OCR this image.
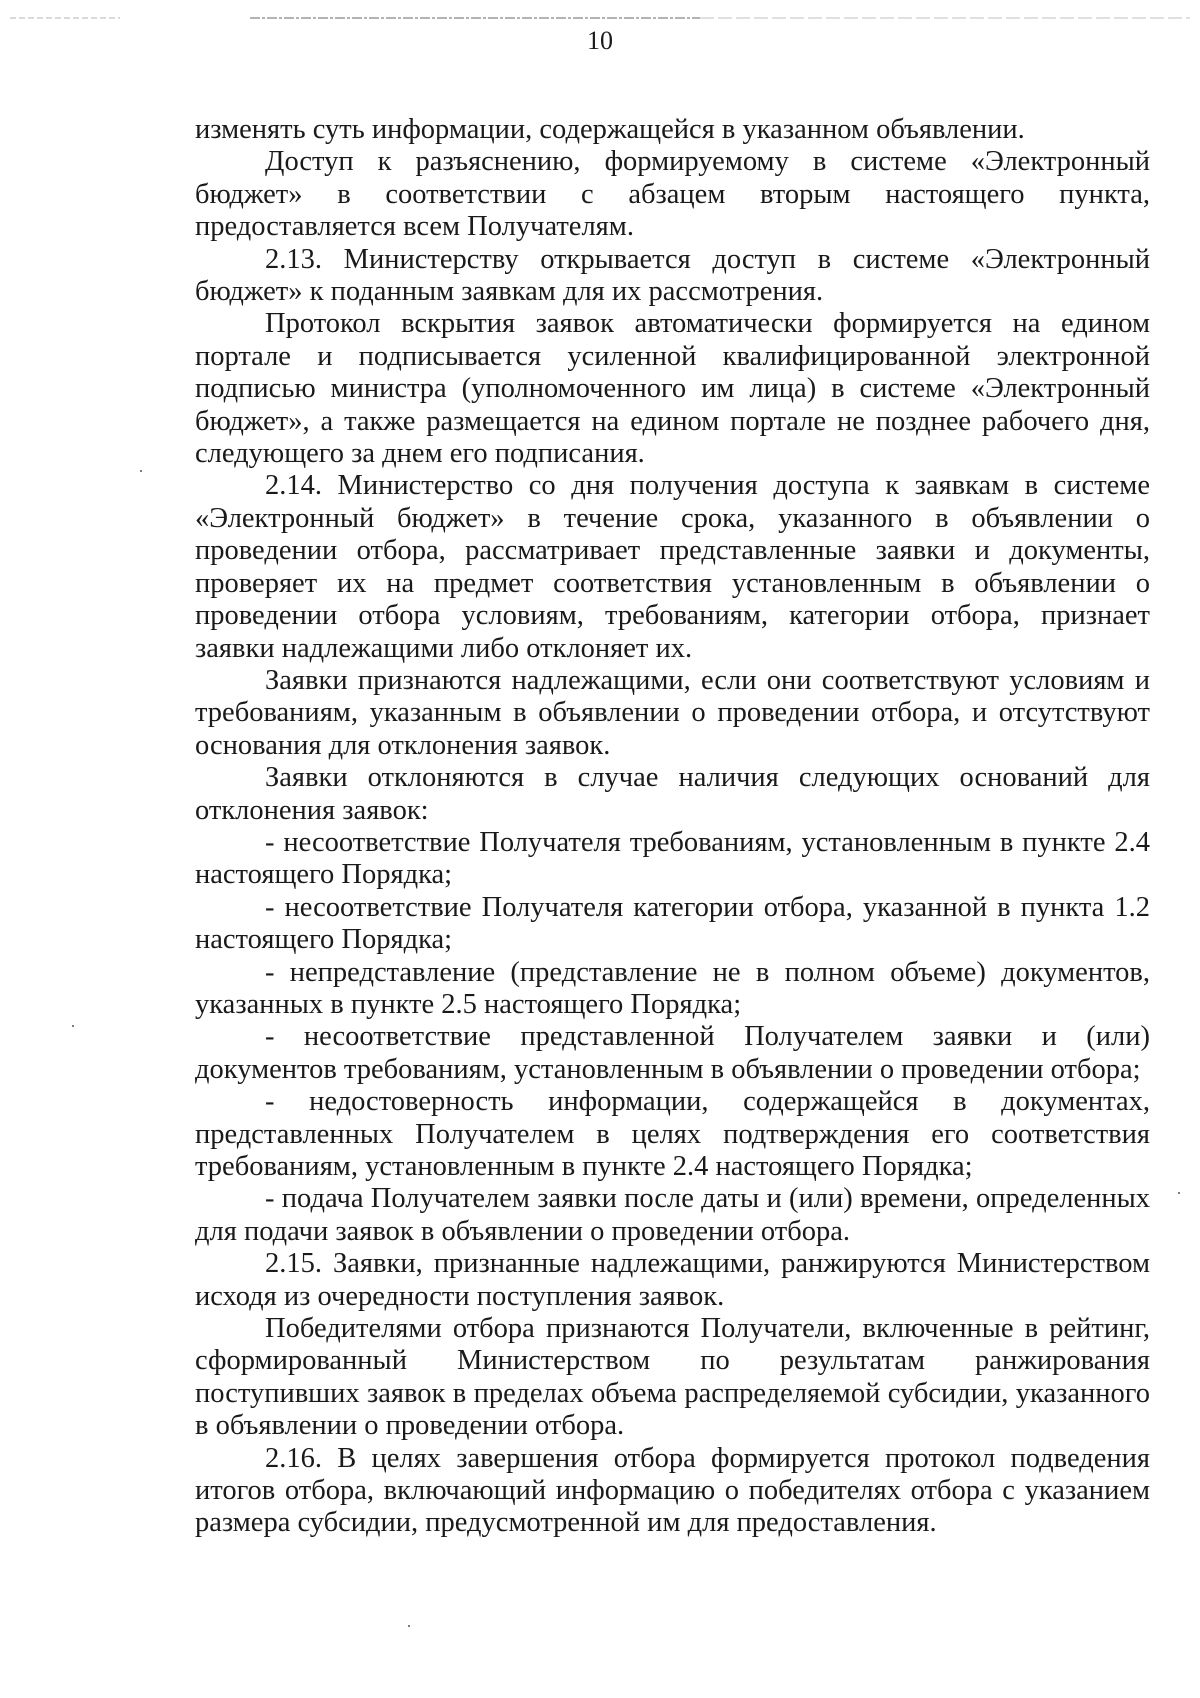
10

изменять суть информации, содержащейся в указанном объявлении.

Доступ к разъяснению, формируемому в системе «Электронный бюджет» в соответствии с абзацем вторым настоящего пункта, предоставляется всем Получателям.

2.13. Министерству открывается доступ в системе «Электронный бюджет» к поданным заявкам для их рассмотрения.

Протокол вскрытия заявок автоматически формируется на едином портале и подписывается усиленной квалифицированной электронной подписью министра (уполномоченного им лица) в системе «Электронный бюджет», а также размещается на едином портале не позднее рабочего дня, следующего за днем его подписания.

2.14. Министерство со дня получения доступа к заявкам в системе «Электронный бюджет» в течение срока, указанного в объявлении о проведении отбора, рассматривает представленные заявки и документы, проверяет их на предмет соответствия установленным в объявлении о проведении отбора условиям, требованиям, категории отбора, признает заявки надлежащими либо отклоняет их.

Заявки признаются надлежащими, если они соответствуют условиям и требованиям, указанным в объявлении о проведении отбора, и отсутствуют основания для отклонения заявок.

Заявки отклоняются в случае наличия следующих оснований для отклонения заявок:

- несоответствие Получателя требованиям, установленным в пункте 2.4 настоящего Порядка;

- несоответствие Получателя категории отбора, указанной в пункта 1.2 настоящего Порядка;

- непредставление (представление не в полном объеме) документов, указанных в пункте 2.5 настоящего Порядка;

- несоответствие представленной Получателем заявки и (или) документов требованиям, установленным в объявлении о проведении отбора;

- недостоверность информации, содержащейся в документах, представленных Получателем в целях подтверждения его соответствия требованиям, установленным в пункте 2.4 настоящего Порядка;

- подача Получателем заявки после даты и (или) времени, определенных для подачи заявок в объявлении о проведении отбора.

2.15. Заявки, признанные надлежащими, ранжируются Министерством исходя из очередности поступления заявок.

Победителями отбора признаются Получатели, включенные в рейтинг, сформированный Министерством по результатам ранжирования поступивших заявок в пределах объема распределяемой субсидии, указанного в объявлении о проведении отбора.

2.16. В целях завершения отбора формируется протокол подведения итогов отбора, включающий информацию о победителях отбора с указанием размера субсидии, предусмотренной им для предоставления.
